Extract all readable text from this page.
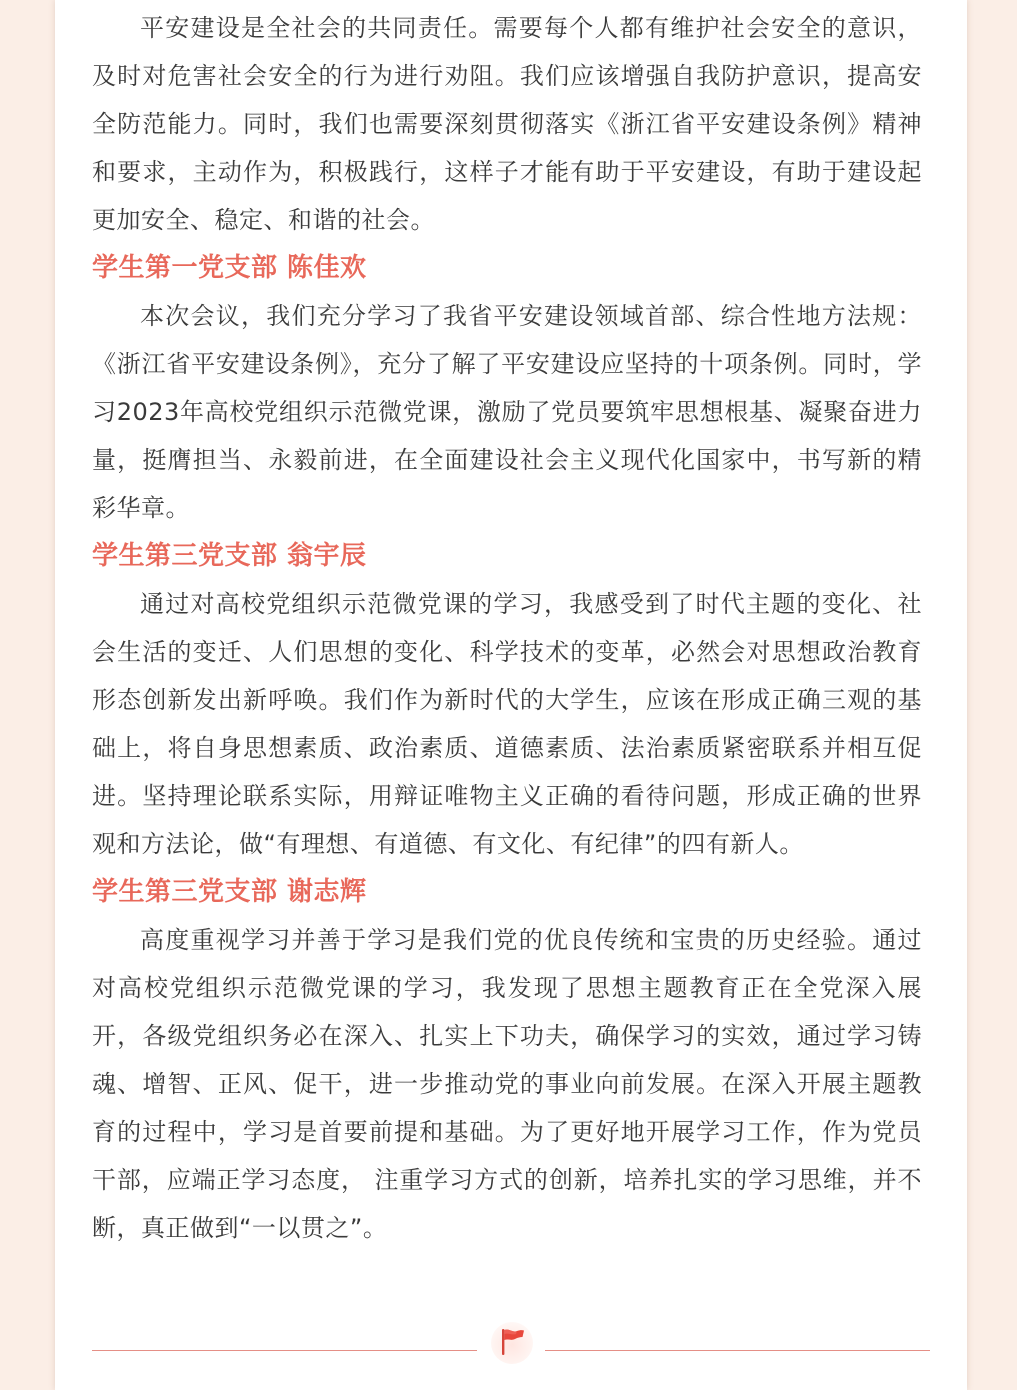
平安建设是全社会的共同责任。需要每个人都有维护社会安全的意识，及时对危害社会安全的行为进行劝阻。我们应该增强自我防护意识，提高安全防范能力。同时，我们也需要深刻贯彻落实《浙江省平安建设条例》精神和要求，主动作为，积极践行，这样子才能有助于平安建设，有助于建设起更加安全、稳定、和谐的社会。

学生第一党支部 陈佳欢

本次会议，我们充分学习了我省平安建设领域首部、综合性地方法规：《浙江省平安建设条例》，充分了解了平安建设应坚持的十项条例。同时，学习2023年高校党组织示范微党课，激励了党员要筑牢思想根基、凝聚奋进力量，挺膺担当、永毅前进，在全面建设社会主义现代化国家中，书写新的精彩华章。

学生第三党支部 翁宇辰

通过对高校党组织示范微党课的学习，我感受到了时代主题的变化、社会生活的变迁、人们思想的变化、科学技术的变革，必然会对思想政治教育形态创新发出新呼唤。我们作为新时代的大学生，应该在形成正确三观的基础上，将自身思想素质、政治素质、道德素质、法治素质紧密联系并相互促进。坚持理论联系实际，用辩证唯物主义正确的看待问题，形成正确的世界观和方法论，做“有理想、有道德、有文化、有纪律”的四有新人。

学生第三党支部 谢志辉

高度重视学习并善于学习是我们党的优良传统和宝贵的历史经验。通过对高校党组织示范微党课的学习，我发现了思想主题教育正在全党深入展开，各级党组织务必在深入、扎实上下功夫，确保学习的实效，通过学习铸魂、增智、正风、促干，进一步推动党的事业向前发展。在深入开展主题教育的过程中，学习是首要前提和基础。为了更好地开展学习工作，作为党员干部，应端正学习态度， 注重学习方式的创新，培养扎实的学习思维，并不断，真正做到“一以贯之”。
